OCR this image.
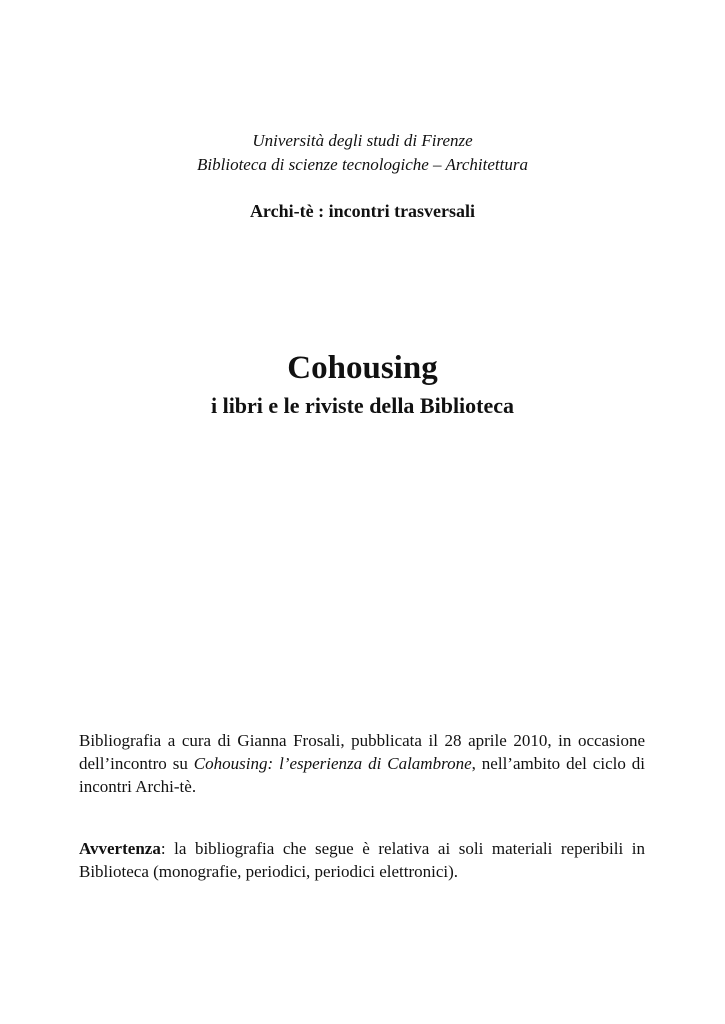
Università degli studi di Firenze
Biblioteca di scienze tecnologiche – Architettura
Archi-tè : incontri trasversali
Cohousing
i libri e le riviste della Biblioteca

Bibliografia a cura di Gianna Frosali, pubblicata il 28 aprile 2010, in occasione dell’incontro su Cohousing: l’esperienza di Calambrone, nell’ambito del ciclo di incontri Archi-tè.

Avvertenza: la bibliografia che segue è relativa ai soli materiali reperibili in Biblioteca (monografie, periodici, periodici elettronici).
